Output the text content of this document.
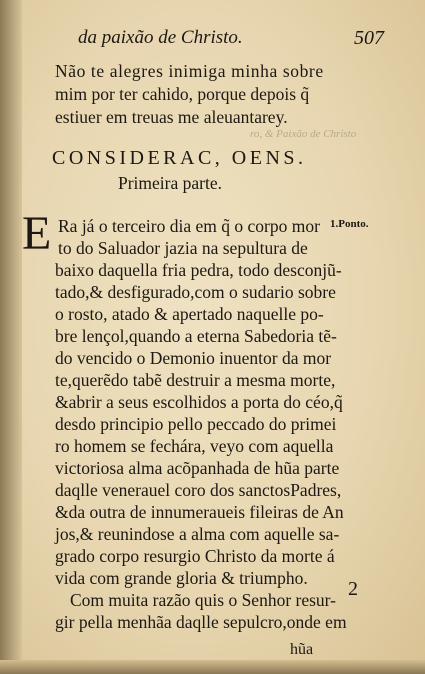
da paixão de Christo.	507
Não te alegres inimiga minha sobre
mim por ter cahido, porque depois q̃
estiuer em treuas me aleuantarey.
ro, & Paixão de Christo
CONSIDERAC, OENS.
Primeira parte.
E	1.Ponto.
Ra já o terceiro dia em q̃ o corpo mor
to do Saluador jazia na sepultura de
baixo daquella fria pedra, todo desconjũ-
tado,& desfigurado,com o sudario sobre
o rosto, atado & apertado naquelle po-
bre lençol,quando a eterna Sabedoria tẽ-
do vencido o Demonio inuentor da mor
te,querẽdo tabẽ destruir a mesma morte,
&abrir a seus escolhidos a porta do céo,q̃
desdo principio pello peccado do primei
ro homem se fechára, veyo com aquella
victoriosa alma acõpanhada de hũa parte
daqlle venerauel coro dos sanctosPadres,
&da outra de innumeraueis fileiras de An
jos,& reunindose a alma com aquelle sa-
grado corpo resurgio Christo da morte á
vida com grande gloria & triumpho.
Com muita razão quis o Senhor resur-
gir pella menhãa daqlle sepulcro,onde em
2
hũa
